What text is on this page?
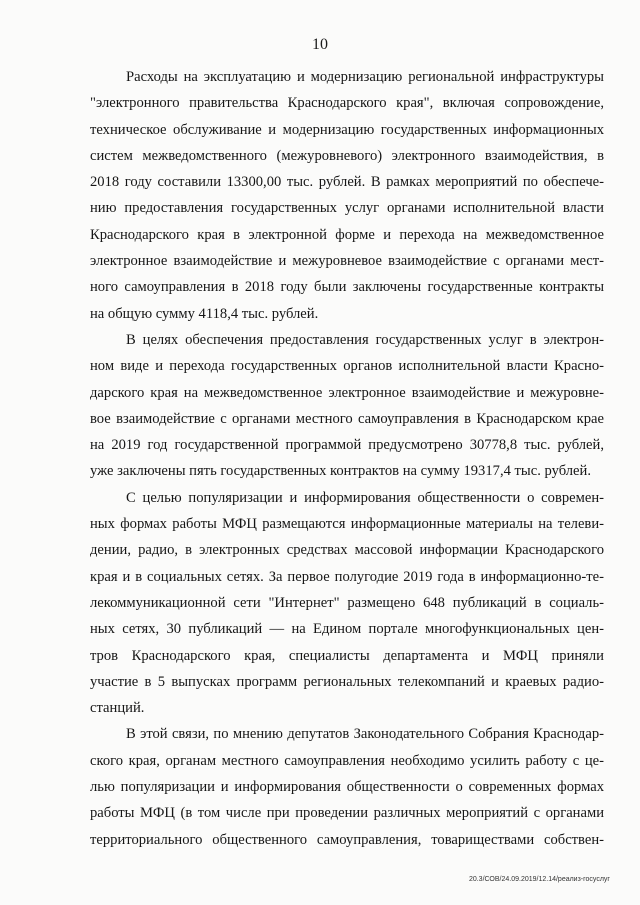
10

Расходы на эксплуатацию и модернизацию региональной инфраструктуры
"электронного правительства Краснодарского края", включая сопровождение,
техническое обслуживание и модернизацию государственных информационных
систем межведомственного (межуровневого) электронного взаимодействия, в
2018 году составили 13300,00 тыс. рублей. В рамках мероприятий по обеспече-
нию предоставления государственных услуг органами исполнительной власти
Краснодарского края в электронной форме и перехода на межведомственное
электронное взаимодействие и межуровневое взаимодействие с органами мест-
ного самоуправления в 2018 году были заключены государственные контракты
на общую сумму 4118,4 тыс. рублей.

В целях обеспечения предоставления государственных услуг в электрон-
ном виде и перехода государственных органов исполнительной власти Красно-
дарского края на межведомственное электронное взаимодействие и межуровне-
вое взаимодействие с органами местного самоуправления в Краснодарском крае
на 2019 год государственной программой предусмотрено 30778,8 тыс. рублей,
уже заключены пять государственных контрактов на сумму 19317,4 тыс. рублей.

С целью популяризации и информирования общественности о современ-
ных формах работы МФЦ размещаются информационные материалы на телеви-
дении, радио, в электронных средствах массовой информации Краснодарского
края и в социальных сетях. За первое полугодие 2019 года в информационно-те-
лекоммуникационной сети "Интернет" размещено 648 публикаций в социаль-
ных сетях, 30 публикаций — на Едином портале многофункциональных цен-
тров Краснодарского края, специалисты департамента и МФЦ приняли
участие в 5 выпусках программ региональных телекомпаний и краевых радио-
станций.

В этой связи, по мнению депутатов Законодательного Собрания Краснодар-
ского края, органам местного самоуправления необходимо усилить работу с це-
лью популяризации и информирования общественности о современных формах
работы МФЦ (в том числе при проведении различных мероприятий с органами
территориального общественного самоуправления, товариществами собствен-

20.3/СОВ/24.09.2019/12.14/реализ-госуслуг
